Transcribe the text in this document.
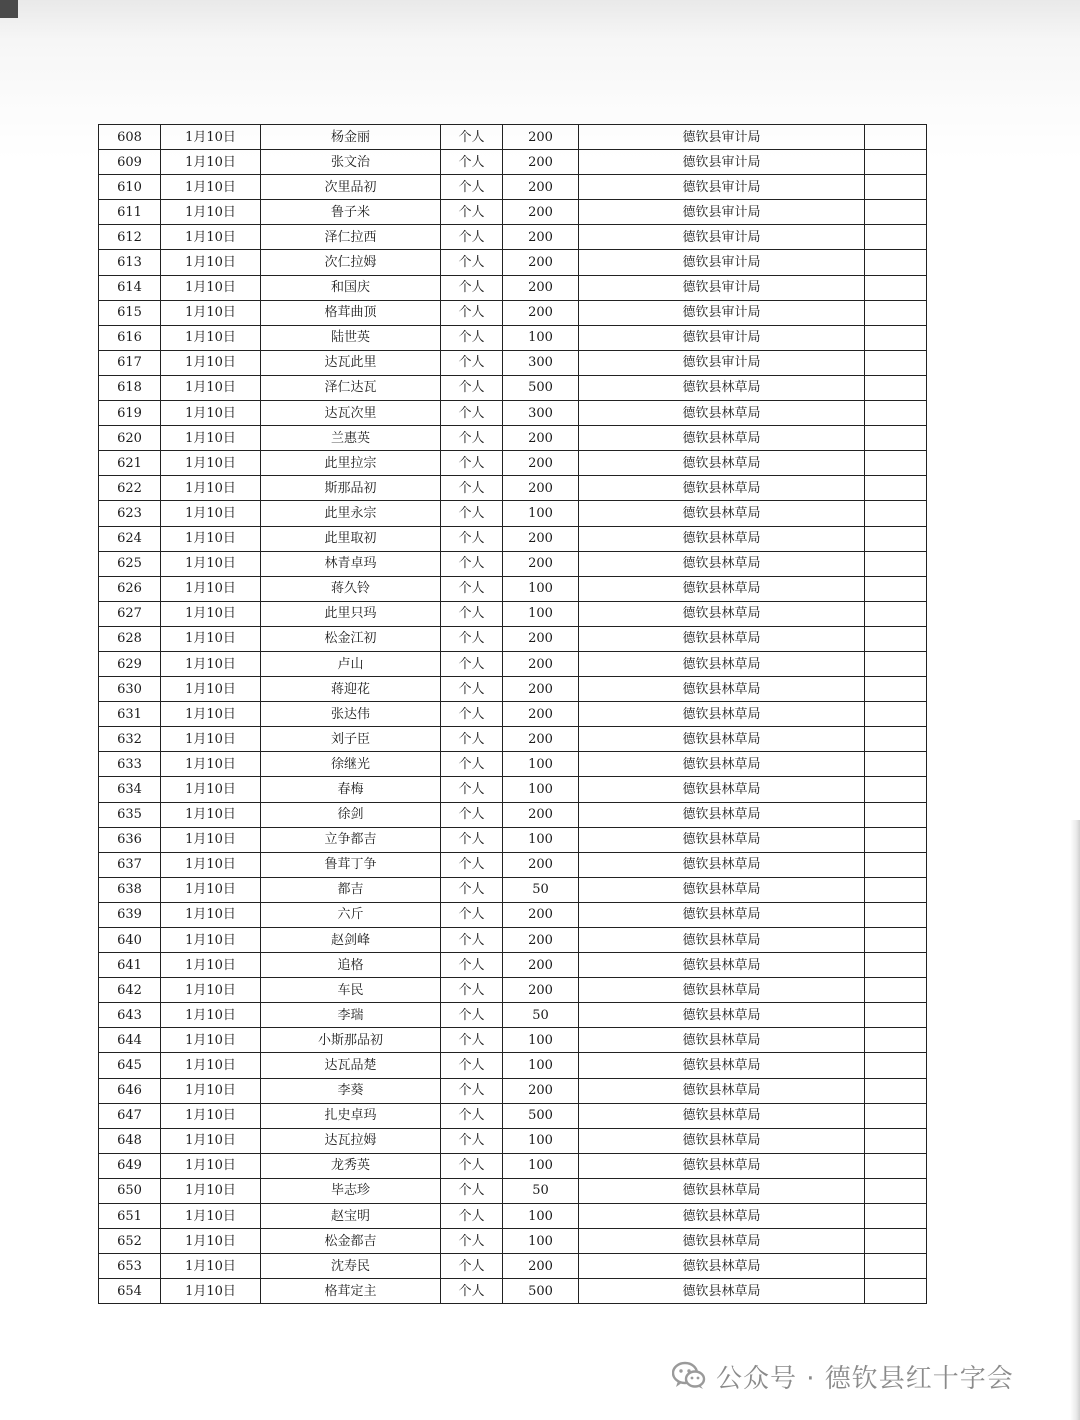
608	1月10日	杨金丽	个人	200	德钦县审计局	
609	1月10日	张文治	个人	200	德钦县审计局	
610	1月10日	次里品初	个人	200	德钦县审计局	
611	1月10日	鲁子米	个人	200	德钦县审计局	
612	1月10日	泽仁拉西	个人	200	德钦县审计局	
613	1月10日	次仁拉姆	个人	200	德钦县审计局	
614	1月10日	和国庆	个人	200	德钦县审计局	
615	1月10日	格茸曲顶	个人	200	德钦县审计局	
616	1月10日	陆世英	个人	100	德钦县审计局	
617	1月10日	达瓦此里	个人	300	德钦县审计局	
618	1月10日	泽仁达瓦	个人	500	德钦县林草局	
619	1月10日	达瓦次里	个人	300	德钦县林草局	
620	1月10日	兰惠英	个人	200	德钦县林草局	
621	1月10日	此里拉宗	个人	200	德钦县林草局	
622	1月10日	斯那品初	个人	200	德钦县林草局	
623	1月10日	此里永宗	个人	100	德钦县林草局	
624	1月10日	此里取初	个人	200	德钦县林草局	
625	1月10日	林青卓玛	个人	200	德钦县林草局	
626	1月10日	蒋久铃	个人	100	德钦县林草局	
627	1月10日	此里只玛	个人	100	德钦县林草局	
628	1月10日	松金江初	个人	200	德钦县林草局	
629	1月10日	卢山	个人	200	德钦县林草局	
630	1月10日	蒋迎花	个人	200	德钦县林草局	
631	1月10日	张达伟	个人	200	德钦县林草局	
632	1月10日	刘子臣	个人	200	德钦县林草局	
633	1月10日	徐继光	个人	100	德钦县林草局	
634	1月10日	春梅	个人	100	德钦县林草局	
635	1月10日	徐剑	个人	200	德钦县林草局	
636	1月10日	立争都吉	个人	100	德钦县林草局	
637	1月10日	鲁茸丁争	个人	200	德钦县林草局	
638	1月10日	都吉	个人	50	德钦县林草局	
639	1月10日	六斤	个人	200	德钦县林草局	
640	1月10日	赵剑峰	个人	200	德钦县林草局	
641	1月10日	追格	个人	200	德钦县林草局	
642	1月10日	车民	个人	200	德钦县林草局	
643	1月10日	李瑞	个人	50	德钦县林草局	
644	1月10日	小斯那品初	个人	100	德钦县林草局	
645	1月10日	达瓦品楚	个人	100	德钦县林草局	
646	1月10日	李葵	个人	200	德钦县林草局	
647	1月10日	扎史卓玛	个人	500	德钦县林草局	
648	1月10日	达瓦拉姆	个人	100	德钦县林草局	
649	1月10日	龙秀英	个人	100	德钦县林草局	
650	1月10日	毕志珍	个人	50	德钦县林草局	
651	1月10日	赵宝明	个人	100	德钦县林草局	
652	1月10日	松金都吉	个人	100	德钦县林草局	
653	1月10日	沈寿民	个人	200	德钦县林草局	
654	1月10日	格茸定主	个人	500	德钦县林草局	
公众号 · 德钦县红十字会
